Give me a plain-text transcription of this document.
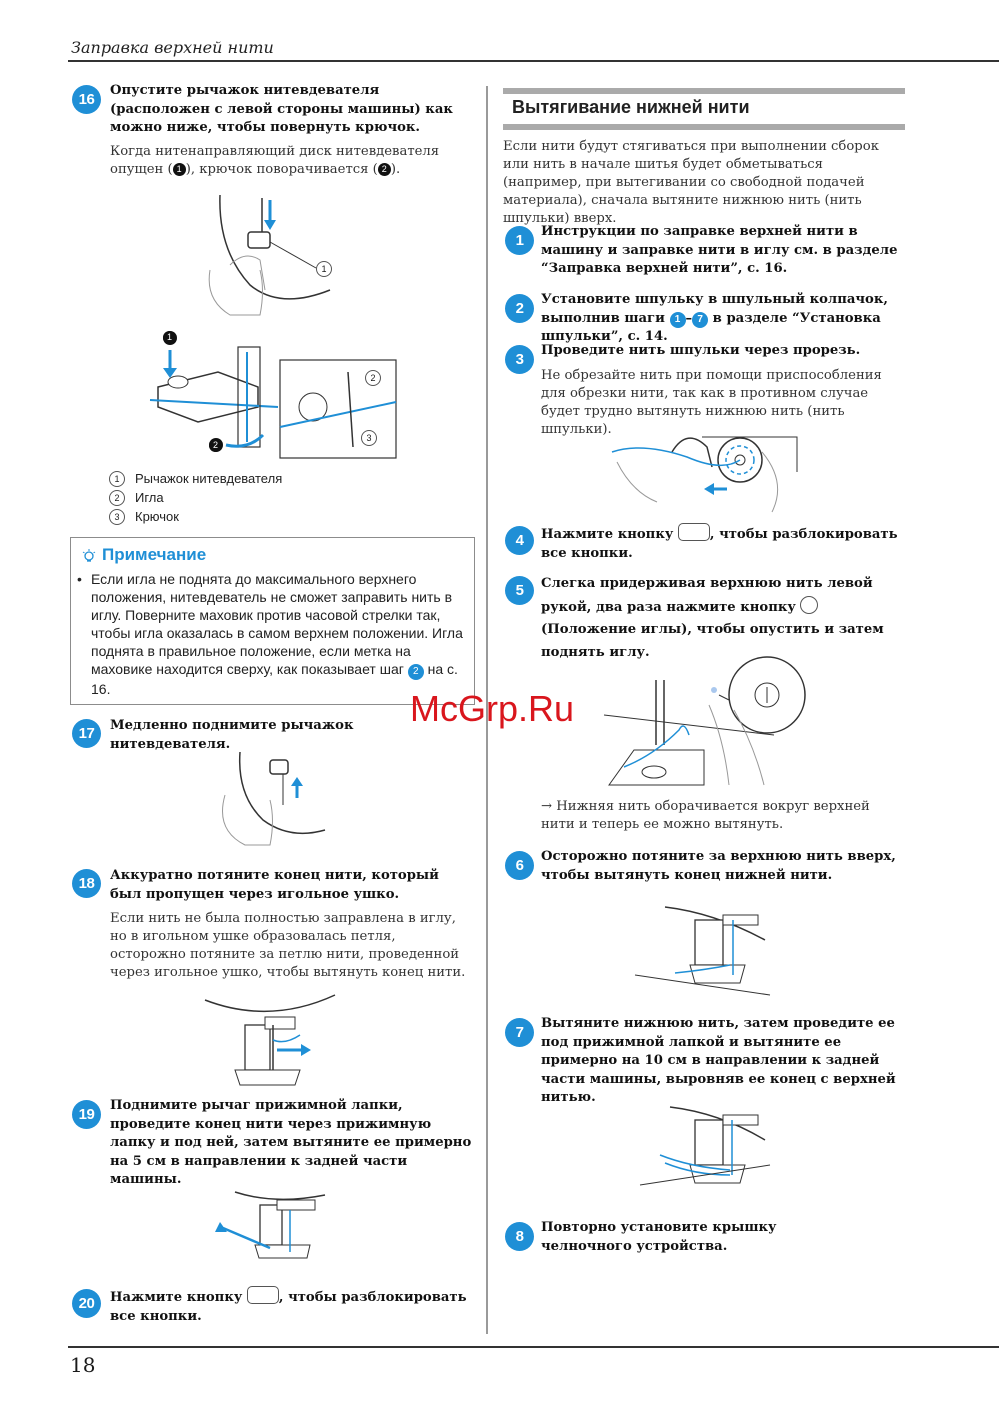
Заправка верхней нити
18
16
Опустите рычажок нитевдевателя (расположен с левой стороны машины) как можно ниже, чтобы повернуть крючок.
Когда нитенаправляющий диск нитевдевателя опущен ( 1 ), крючок поворачивается ( 2 ).
1
1
2
2
3
1 Рычажок нитевдевателя
2 Игла
3 Крючок
Примечание
• Если игла не поднята до максимального верхнего положения, нитевдеватель не сможет заправить нить в иглу. Поверните маховик против часовой стрелки так, чтобы игла оказалась в самом верхнем положении. Игла поднята в правильное положение, если метка на маховике находится сверху, как показывает шаг 2 на с. 16.
17	Медленно поднимите рычажок нитевдевателя.
18	Аккуратно потяните конец нити, который был пропущен через игольное ушко.
Если нить не была полностью заправлена в иглу, но в игольном ушке образовалась петля, осторожно потяните за петлю нити, проведенной через игольное ушко, чтобы вытянуть конец нити.
19
Поднимите рычаг прижимной лапки, проведите конец нити через прижимную лапку и под ней, затем вытяните ее примерно на 5 см в направлении к задней части машины.
20	Нажмите кнопку	, чтобы разблокировать все кнопки.
Вытягивание нижней нити
Если нити будут стягиваться при выполнении сборок или нить в начале шитья будет обметываться (например, при вытегивании со свободной подачей материала), сначала вытяните нижнюю нить (нить шпульки) вверх.
1
Инструкции по заправке верхней нити в машину и заправке нити в иглу см. в разделе “Заправка верхней нити”, с. 16.
2
Установите шпульку в шпульный колпачок, выполнив шаги 1 – 7 в разделе “Установка шпульки”, с. 14.
3
Проведите нить шпульки через прорезь.
Не обрезайте нить при помощи приспособления для обрезки нити, так как в противном случае будет трудно вытянуть нижнюю нить (нить шпульки).
4	Нажмите кнопку	, чтобы разблокировать все кнопки.
5	Слегка придерживая верхнюю нить левой рукой, два раза нажмите кнопку  (Положение иглы), чтобы опустить и затем поднять иглу.
→ Нижняя нить оборачивается вокруг верхней нити и теперь ее можно вытянуть.
6
Осторожно потяните за верхнюю нить вверх, чтобы вытянуть конец нижней нити.
7
Вытяните нижнюю нить, затем проведите ее под прижимной лапкой и вытяните ее примерно на 10 см в направлении к задней части машины, выровняв ее конец с верхней нитью.
8
Повторно установите крышку челночного устройства.
McGrp.Ru
